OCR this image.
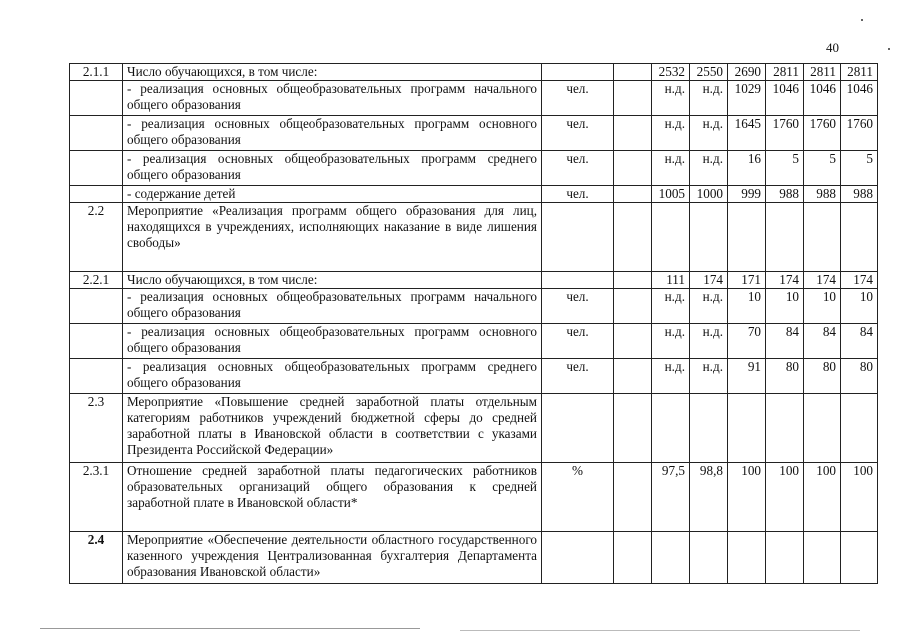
40
2.1.1	Число обучающихся, в том числе:			2532	2550	2690	2811	2811	2811
	- реализация основных общеобразовательных программ начального общего образования	чел.		н.д.	н.д.	1029	1046	1046	1046
	- реализация основных общеобразовательных программ основного общего образования	чел.		н.д.	н.д.	1645	1760	1760	1760
	- реализация основных общеобразовательных программ среднего общего образования	чел.		н.д.	н.д.	16	5	5	5
	- содержание детей	чел.		1005	1000	999	988	988	988
2.2	Мероприятие «Реализация программ общего образования для лиц, находящихся в учреждениях, исполняющих наказание в виде лишения свободы»								
2.2.1	Число обучающихся, в том числе:			111	174	171	174	174	174
	- реализация основных общеобразовательных программ начального общего образования	чел.		н.д.	н.д.	10	10	10	10
	- реализация основных общеобразовательных программ основного общего образования	чел.		н.д.	н.д.	70	84	84	84
	- реализация основных общеобразовательных программ среднего общего образования	чел.		н.д.	н.д.	91	80	80	80
2.3	Мероприятие «Повышение средней заработной платы отдельным категориям работников учреждений бюджетной сферы до средней заработной платы в Ивановской области в соответствии с указами Президента Российской Федерации»								
2.3.1	Отношение средней заработной платы педагогических работников образовательных организаций общего образования к средней заработной плате в Ивановской области*	%		97,5	98,8	100	100	100	100
2.4	Мероприятие «Обеспечение деятельности областного государственного казенного учреждения Централизованная бухгалтерия Департамента образования Ивановской области»								
